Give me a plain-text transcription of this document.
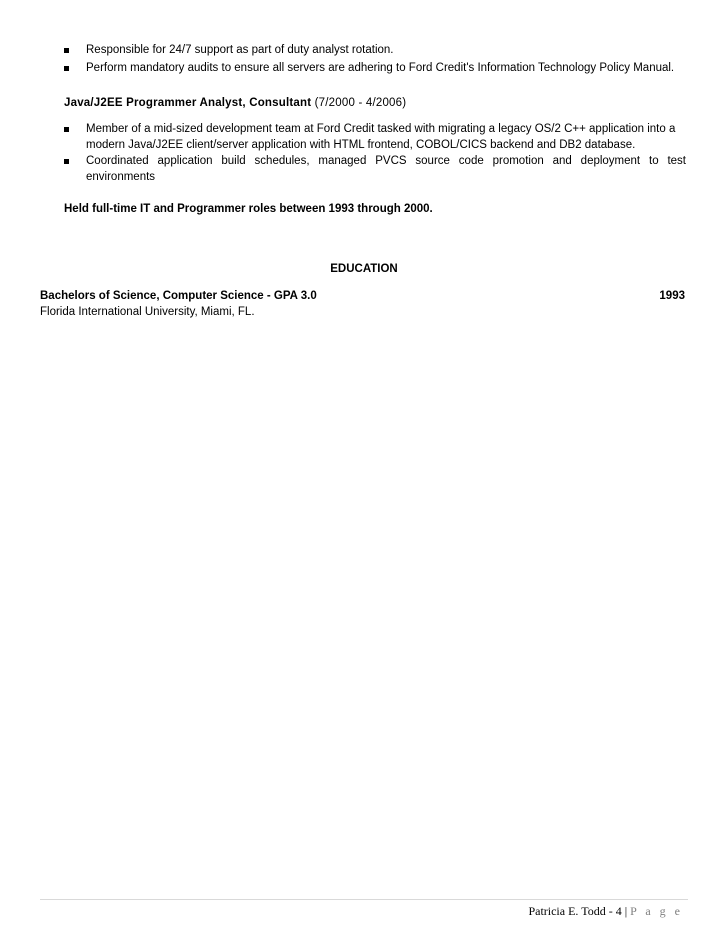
Responsible for 24/7 support as part of duty analyst rotation.
Perform mandatory audits to ensure all servers are adhering to Ford Credit's Information Technology Policy Manual.
Java/J2EE Programmer Analyst, Consultant (7/2000 - 4/2006)
Member of a mid-sized development team at Ford Credit tasked with migrating a legacy OS/2 C++ application into a modern Java/J2EE client/server application with HTML frontend, COBOL/CICS backend and DB2 database.
Coordinated application build schedules, managed PVCS source code promotion and deployment to test environments
Held full-time IT and Programmer roles between 1993 through 2000.
EDUCATION
Bachelors of Science, Computer Science - GPA 3.0	1993
Florida International University, Miami, FL.
Patricia E. Todd - 4 | P a g e
